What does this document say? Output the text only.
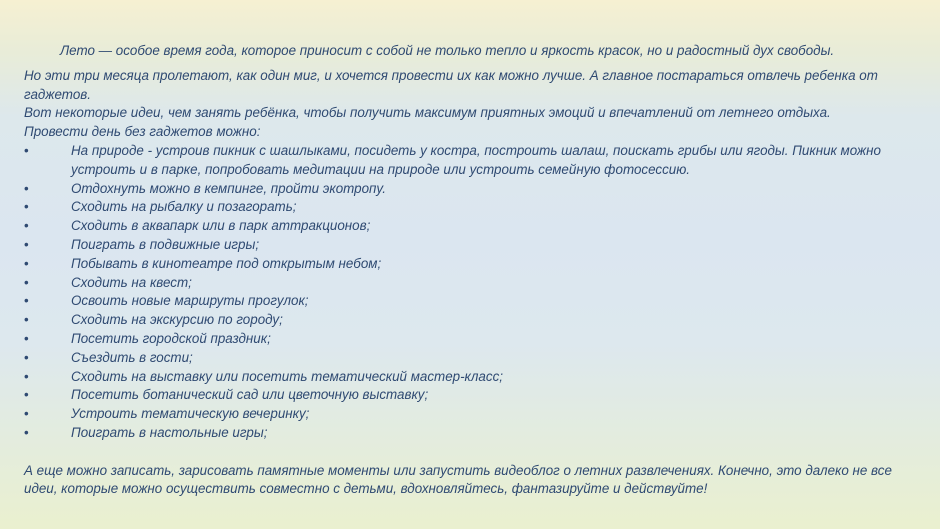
Лето — особое время года, которое приносит с собой не только тепло и яркость красок, но и радостный дух свободы.

Но эти три месяца пролетают, как один миг, и хочется провести их как можно лучше. А главное постараться отвлечь ребенка от гаджетов.

Вот некоторые идеи, чем занять ребёнка, чтобы получить максимум приятных эмоций и впечатлений от летнего отдыха.

Провести день без гаджетов можно:

•	На природе - устроив пикник с шашлыками, посидеть у костра, построить шалаш, поискать грибы или ягоды. Пикник можно устроить и в парке, попробовать медитации на природе или устроить семейную фотосессию.
•	Отдохнуть можно в кемпинге, пройти экотропу.
•	Сходить на рыбалку и позагорать;
•	Сходить в аквапарк или в парк аттракционов;
•	Поиграть в подвижные игры;
•	Побывать в кинотеатре под открытым небом;
•	Сходить на квест;
•	Освоить новые маршруты прогулок;
•	Сходить на экскурсию по городу;
•	Посетить городской праздник;
•	Съездить в гости;
•	Сходить на выставку или посетить тематический мастер-класс;
•	Посетить ботанический сад или цветочную выставку;
•	Устроить тематическую вечеринку;
•	Поиграть в настольные игры;

А еще можно записать, зарисовать памятные моменты или запустить видеоблог о летних развлечениях. Конечно, это далеко не все идеи, которые можно осуществить совместно с детьми, вдохновляйтесь, фантазируйте и действуйте!
